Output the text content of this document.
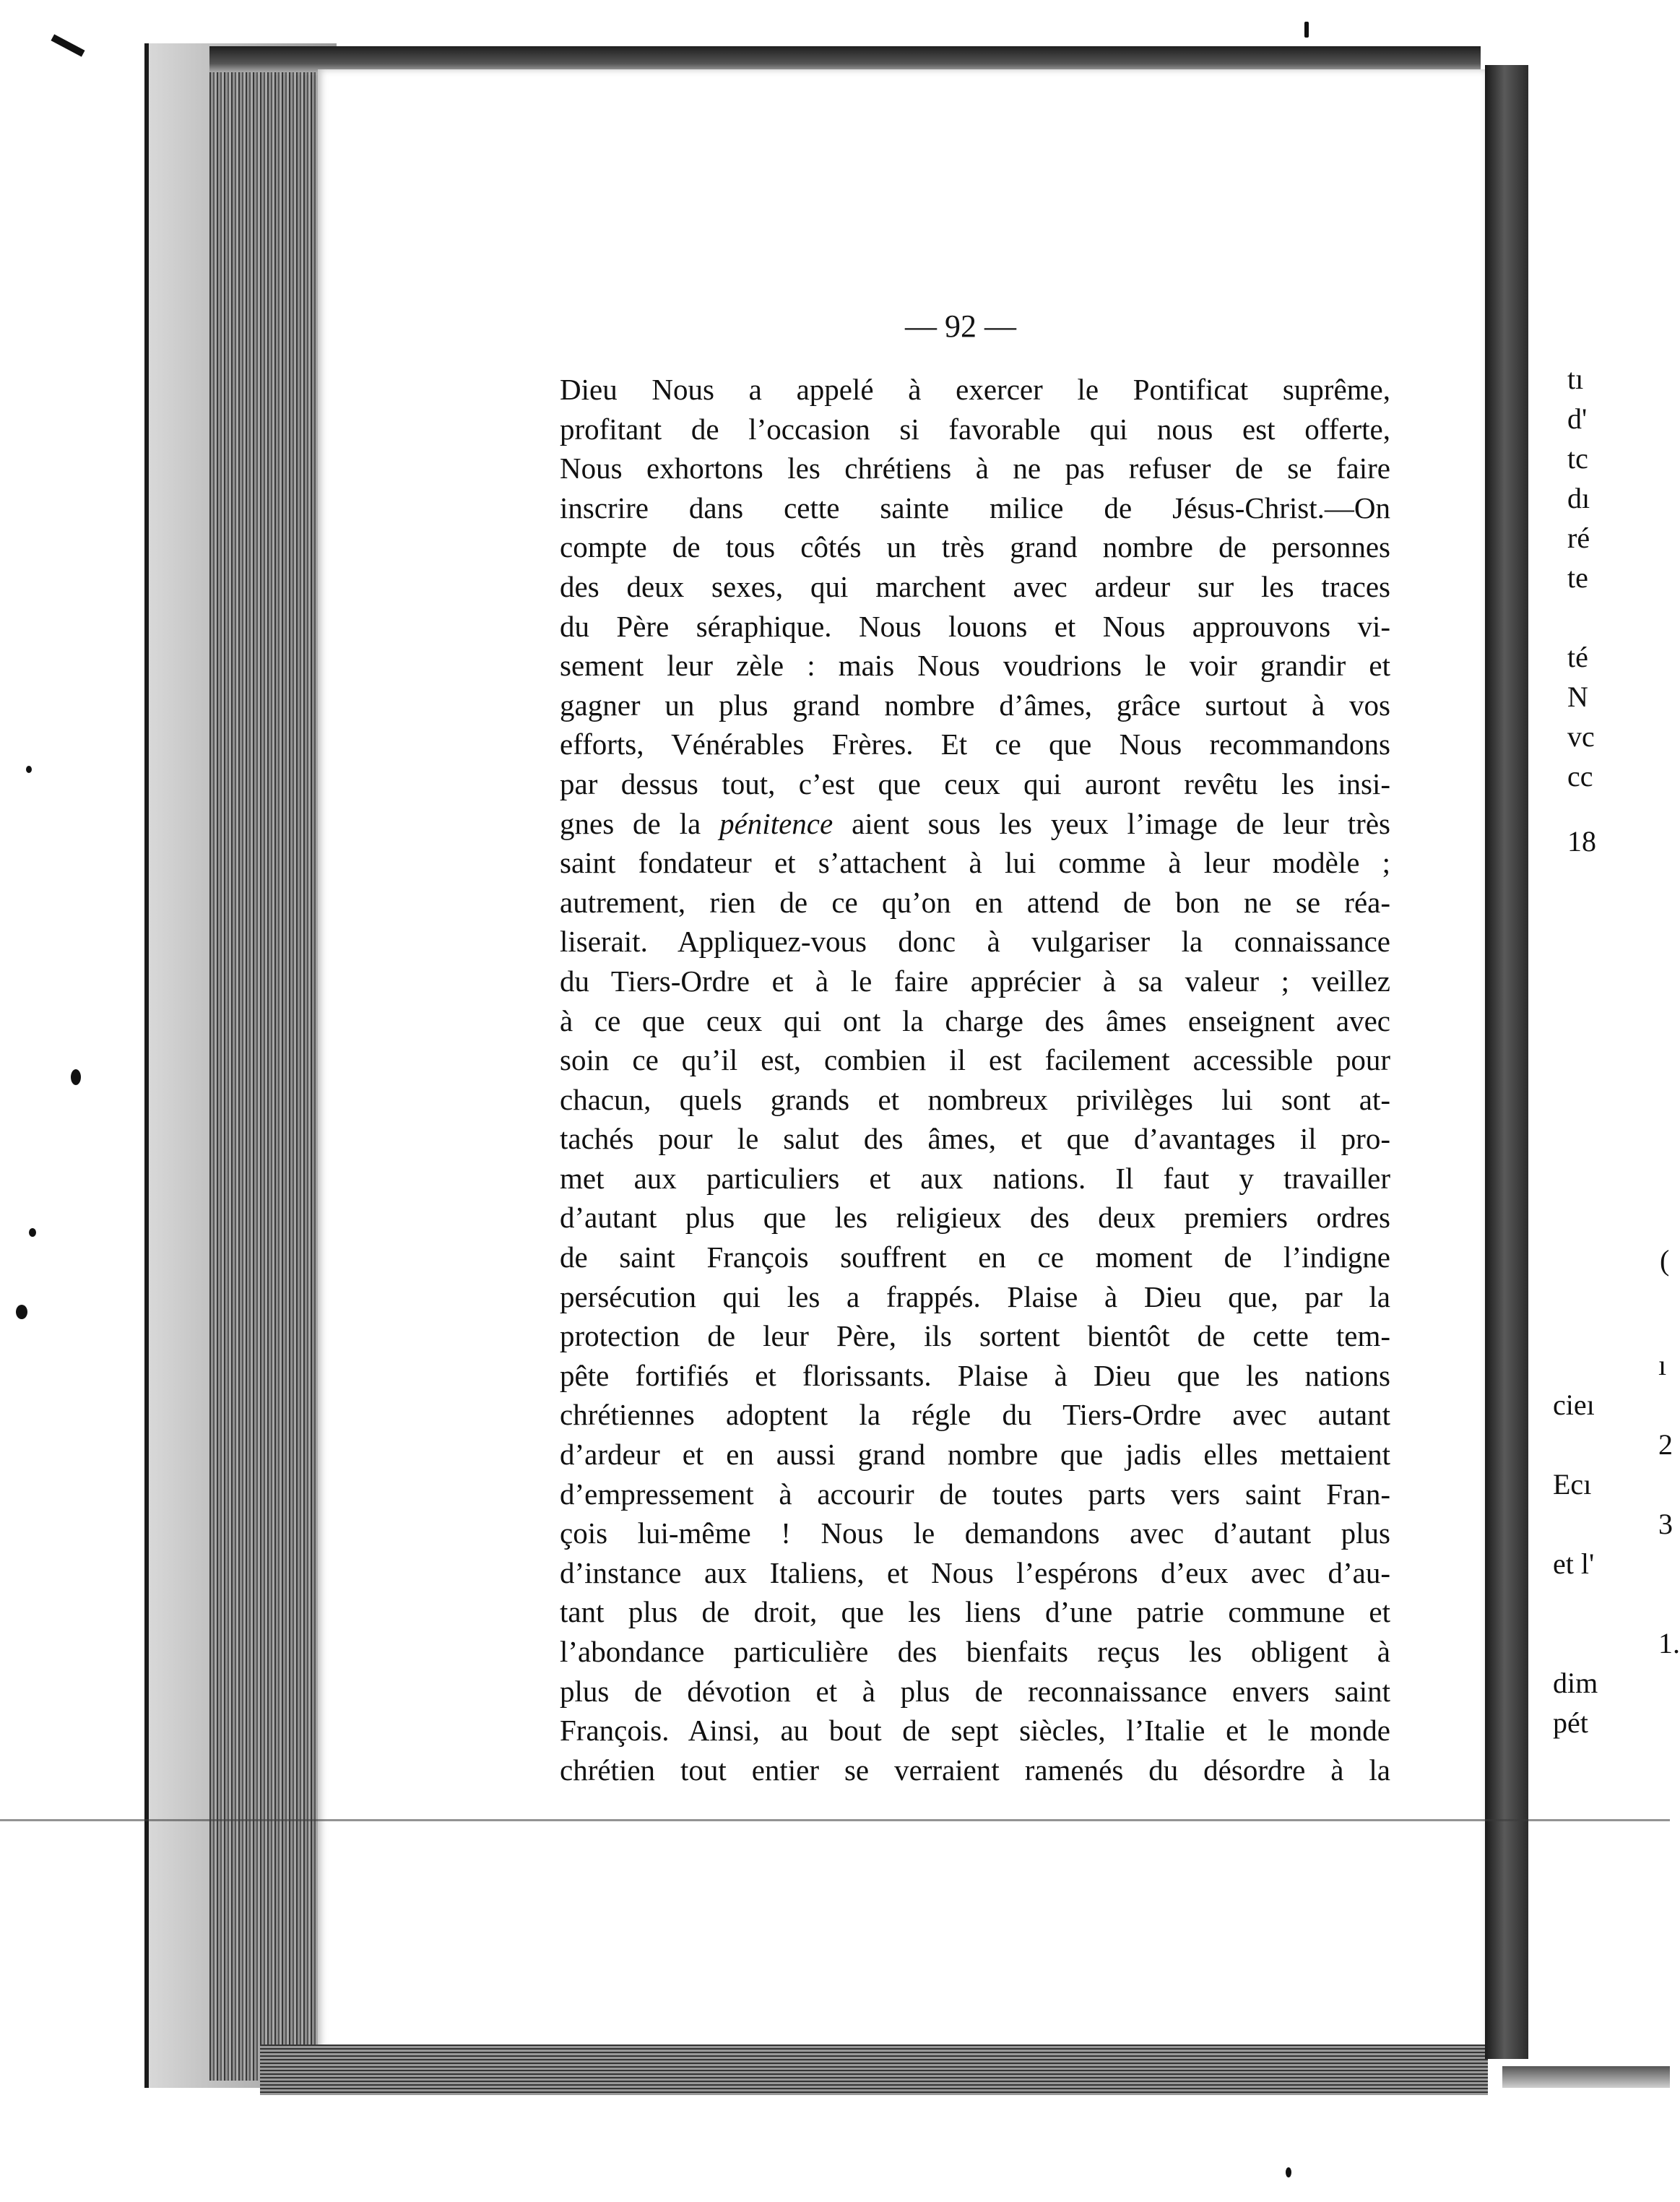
— 92 —
Dieu Nous a appelé à exercer le Pontificat suprême,
profitant de l’occasion si favorable qui nous est offerte,
Nous exhortons les chrétiens à ne pas refuser de se faire
inscrire dans cette sainte milice de Jésus-Christ.—On
compte de tous côtés un très grand nombre de personnes
des deux sexes, qui marchent avec ardeur sur les traces
du Père séraphique. Nous louons et Nous approuvons vi-
sement leur zèle : mais Nous voudrions le voir grandir et
gagner un plus grand nombre d’âmes, grâce surtout à vos
efforts, Vénérables Frères. Et ce que Nous recommandons
par dessus tout, c’est que ceux qui auront revêtu les insi-
gnes de la pénitence aient sous les yeux l’image de leur très
saint fondateur et s’attachent à lui comme à leur modèle ;
autrement, rien de ce qu’on en attend de bon ne se réa-
liserait. Appliquez-vous donc à vulgariser la connaissance
du Tiers-Ordre et à le faire apprécier à sa valeur ; veillez
à ce que ceux qui ont la charge des âmes enseignent avec
soin ce qu’il est, combien il est facilement accessible pour
chacun, quels grands et nombreux privilèges lui sont at-
tachés pour le salut des âmes, et que d’avantages il pro-
met aux particuliers et aux nations. Il faut y travailler
d’autant plus que les religieux des deux premiers ordres
de saint François souffrent en ce moment de l’indigne
persécution qui les a frappés. Plaise à Dieu que, par la
protection de leur Père, ils sortent bientôt de cette tem-
pête fortifiés et florissants. Plaise à Dieu que les nations
chrétiennes adoptent la régle du Tiers-Ordre avec autant
d’ardeur et en aussi grand nombre que jadis elles mettaient
d’empressement à accourir de toutes parts vers saint Fran-
çois lui-même ! Nous le demandons avec d’autant plus
d’instance aux Italiens, et Nous l’espérons d’eux avec d’au-
tant plus de droit, que les liens d’une patrie commune et
l’abondance particulière des bienfaits reçus les obligent à
plus de dévotion et à plus de reconnaissance envers saint
François. Ainsi, au bout de sept siècles, l’Italie et le monde
chrétien tout entier se verraient ramenés du désordre à la
tı
d'
tc
dı
ré
te
té
N
vc
cc
18
(
ı
cieı
2
Ecı
3
et l'
1.
dim
pét
